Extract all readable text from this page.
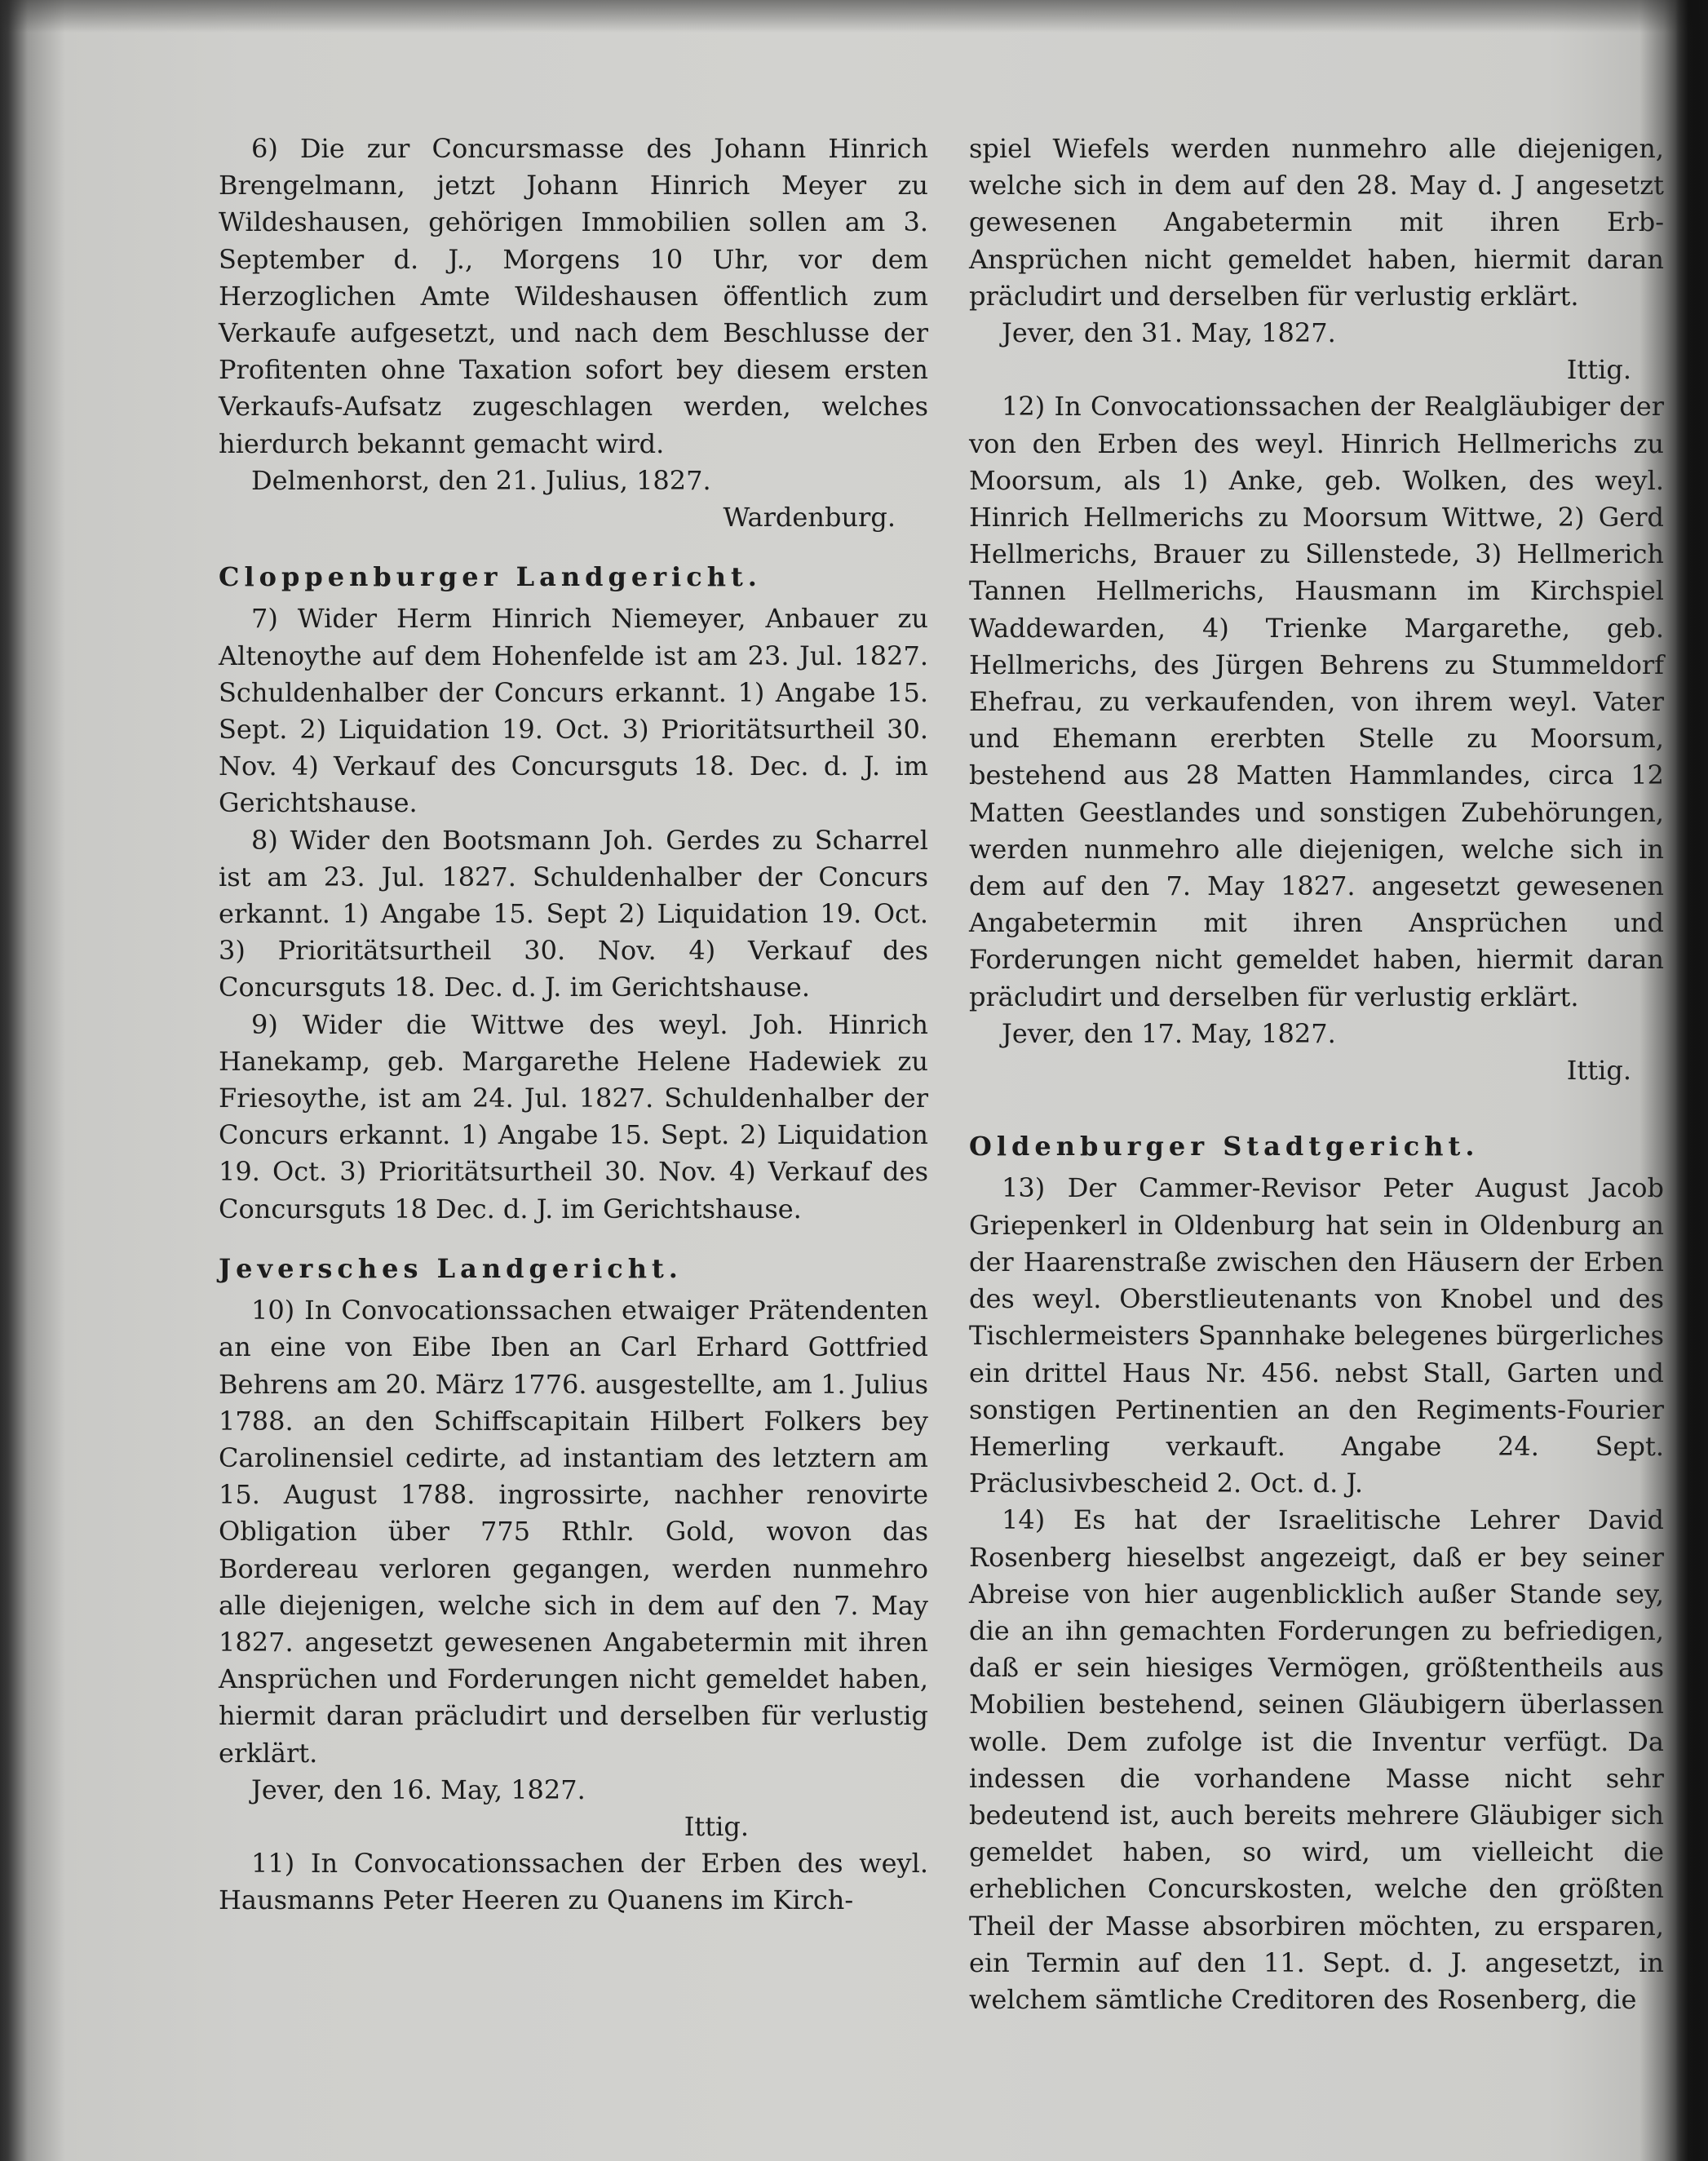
6) Die zur Concursmasse des Johann Hinrich Brengelmann, jetzt Johann Hinrich Meyer zu Wildeshausen, gehörigen Immobilien sollen am 3. September d. J., Morgens 10 Uhr, vor dem Herzoglichen Amte Wildeshausen öffentlich zum Verkaufe aufgesetzt, und nach dem Beschlusse der Profitenten ohne Taxation sofort bey diesem ersten Verkaufs-Aufsatz zugeschlagen werden, welches hierdurch bekannt gemacht wird.

Delmenhorst, den 21. Julius, 1827.

Wardenburg.

Cloppenburger Landgericht.

7) Wider Herm Hinrich Niemeyer, Anbauer zu Altenoythe auf dem Hohenfelde ist am 23. Jul. 1827. Schuldenhalber der Concurs erkannt. 1) Angabe 15. Sept. 2) Liquidation 19. Oct. 3) Prioritätsurtheil 30. Nov. 4) Verkauf des Concursguts 18. Dec. d. J. im Gerichtshause.

8) Wider den Bootsmann Joh. Gerdes zu Scharrel ist am 23. Jul. 1827. Schuldenhalber der Concurs erkannt. 1) Angabe 15. Sept 2) Liquidation 19. Oct. 3) Prioritätsurtheil 30. Nov. 4) Verkauf des Concursguts 18. Dec. d. J. im Gerichtshause.

9) Wider die Wittwe des weyl. Joh. Hinrich Hanekamp, geb. Margarethe Helene Hadewiek zu Friesoythe, ist am 24. Jul. 1827. Schuldenhalber der Concurs erkannt. 1) Angabe 15. Sept. 2) Liquidation 19. Oct. 3) Prioritätsurtheil 30. Nov. 4) Verkauf des Concursguts 18 Dec. d. J. im Gerichtshause.

Jeversches Landgericht.

10) In Convocationssachen etwaiger Prätendenten an eine von Eibe Iben an Carl Erhard Gottfried Behrens am 20. März 1776. ausgestellte, am 1. Julius 1788. an den Schiffscapitain Hilbert Folkers bey Carolinensiel cedirte, ad instantiam des letztern am 15. August 1788. ingrossirte, nachher renovirte Obligation über 775 Rthlr. Gold, wovon das Bordereau verloren gegangen, werden nunmehro alle diejenigen, welche sich in dem auf den 7. May 1827. angesetzt gewesenen Angabetermin mit ihren Ansprüchen und Forderungen nicht gemeldet haben, hiermit daran präcludirt und derselben für verlustig erklärt.

Jever, den 16. May, 1827.

Ittig.

11) In Convocationssachen der Erben des weyl. Hausmanns Peter Heeren zu Quanens im Kirch-

spiel Wiefels werden nunmehro alle diejenigen, welche sich in dem auf den 28. May d. J angesetzt gewesenen Angabetermin mit ihren Erb-Ansprüchen nicht gemeldet haben, hiermit daran präcludirt und derselben für verlustig erklärt.

Jever, den 31. May, 1827.

Ittig.

12) In Convocationssachen der Realgläubiger der von den Erben des weyl. Hinrich Hellmerichs zu Moorsum, als 1) Anke, geb. Wolken, des weyl. Hinrich Hellmerichs zu Moorsum Wittwe, 2) Gerd Hellmerichs, Brauer zu Sillenstede, 3) Hellmerich Tannen Hellmerichs, Hausmann im Kirchspiel Waddewarden, 4) Trienke Margarethe, geb. Hellmerichs, des Jürgen Behrens zu Stummeldorf Ehefrau, zu verkaufenden, von ihrem weyl. Vater und Ehemann ererbten Stelle zu Moorsum, bestehend aus 28 Matten Hammlandes, circa 12 Matten Geestlandes und sonstigen Zubehörungen, werden nunmehro alle diejenigen, welche sich in dem auf den 7. May 1827. angesetzt gewesenen Angabetermin mit ihren Ansprüchen und Forderungen nicht gemeldet haben, hiermit daran präcludirt und derselben für verlustig erklärt.

Jever, den 17. May, 1827.

Ittig.

Oldenburger Stadtgericht.

13) Der Cammer-Revisor Peter August Jacob Griepenkerl in Oldenburg hat sein in Oldenburg an der Haarenstraße zwischen den Häusern der Erben des weyl. Oberstlieutenants von Knobel und des Tischlermeisters Spannhake belegenes bürgerliches ein drittel Haus Nr. 456. nebst Stall, Garten und sonstigen Pertinentien an den Regiments-Fourier Hemerling verkauft. Angabe 24. Sept. Präclusivbescheid 2. Oct. d. J.

14) Es hat der Israelitische Lehrer David Rosenberg hieselbst angezeigt, daß er bey seiner Abreise von hier augenblicklich außer Stande sey, die an ihn gemachten Forderungen zu befriedigen, daß er sein hiesiges Vermögen, größtentheils aus Mobilien bestehend, seinen Gläubigern überlassen wolle. Dem zufolge ist die Inventur verfügt. Da indessen die vorhandene Masse nicht sehr bedeutend ist, auch bereits mehrere Gläubiger sich gemeldet haben, so wird, um vielleicht die erheblichen Concurskosten, welche den größten Theil der Masse absorbiren möchten, zu ersparen, ein Termin auf den 11. Sept. d. J. angesetzt, in welchem sämtliche Creditoren des Rosenberg, die
